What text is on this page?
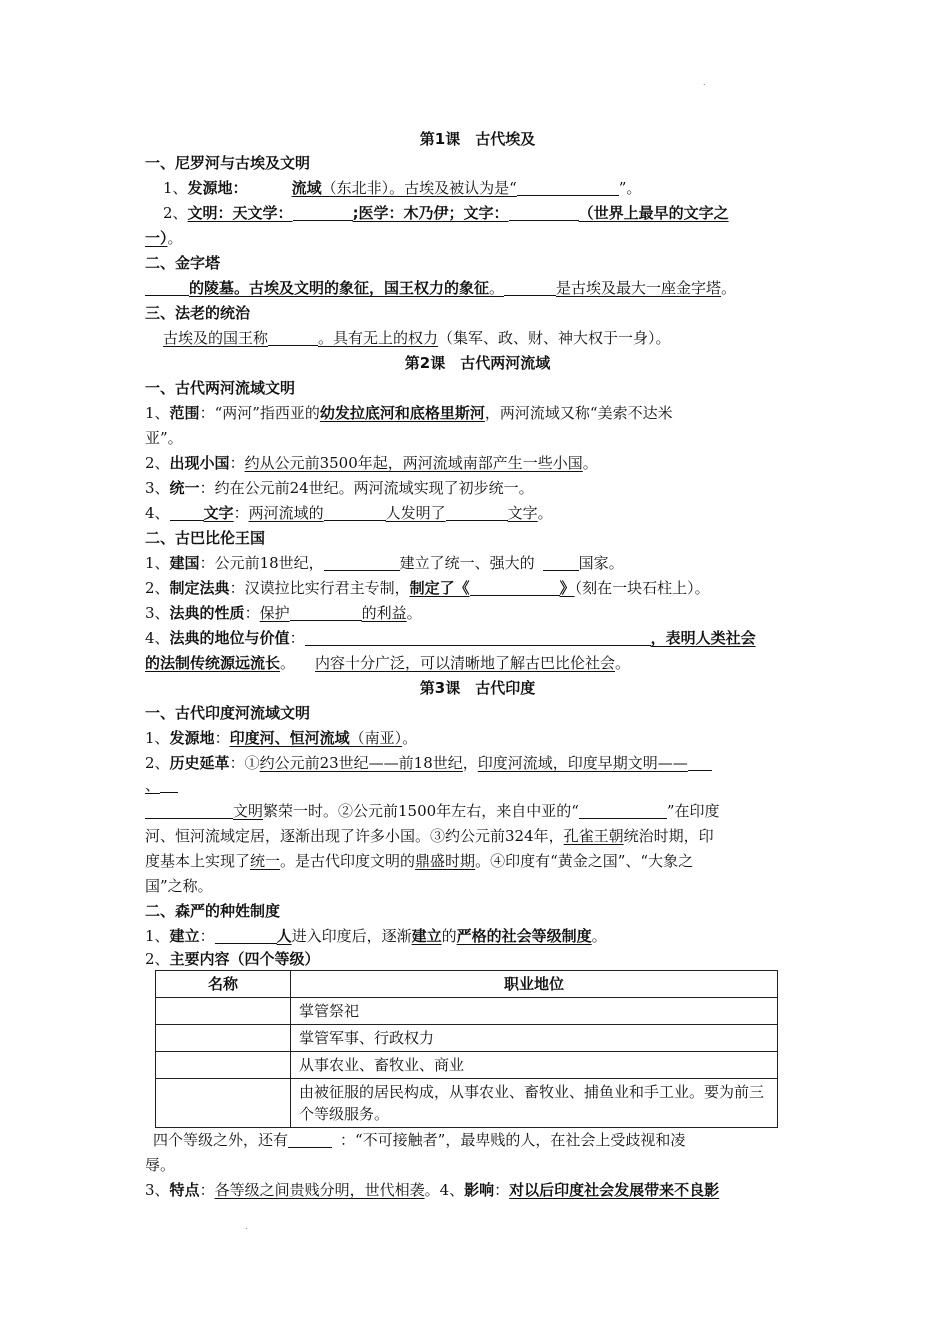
.
.
第1课　古代埃及
一、尼罗河与古埃及文明
1、发源地：	流域（东北非）。古埃及被认为是“	”。
2、文明：天文学：	;医学：木乃伊；文字：	（世界上最早的文字之
一）。
二、金字塔
的陵墓。古埃及文明的象征，国王权力的象征。	是古埃及最大一座金字塔。
三、法老的统治
古埃及的国王称	。具有无上的权力（集军、政、财、神大权于一身）。
第2课　古代两河流域
一、古代两河流域文明
1、范围：“两河”指西亚的幼发拉底河和底格里斯河，两河流域又称“美索不达米
亚”。
2、出现小国：约从公元前3500年起，两河流域南部产生一些小国。
3、统一：约在公元前24世纪。两河流域实现了初步统一。
4、 文字：两河流域的	人发明了	文字。
二、古巴比伦王国
1、建国：公元前18世纪，	建立了统一、强大的	国家。
2、制定法典：汉谟拉比实行君主专制，制定了《	》（刻在一块石柱上）。
3、法典的性质：保护	的利益。
4、法典的地位与价值：	，表明人类社会
的法制传统源远流长。 内容十分广泛，可以清晰地了解古巴比伦社会。
第3课　古代印度
一、古代印度河流域文明
1、发源地：印度河、恒河流域（南亚）。
2、历史延革：①约公元前23世纪——前18世纪，印度河流域，印度早期文明——
、
文明繁荣一时。②公元前1500年左右，来自中亚的“	”在印度
河、恒河流域定居，逐渐出现了许多小国。③约公元前324年，孔雀王朝统治时期，印
度基本上实现了统一。是古代印度文明的鼎盛时期。④印度有“黄金之国”、“大象之
国”之称。
二、森严的种姓制度
1、建立：	人进入印度后，逐渐建立的严格的社会等级制度。
2、主要内容（四个等级）
名称	职业地位
	掌管祭祀
	掌管军事、行政权力
	从事农业、畜牧业、商业
	由被征服的居民构成，从事农业、畜牧业、捕鱼业和手工业。要为前三个等级服务。
四个等级之外，还有	：“不可接触者”，最卑贱的人，在社会上受歧视和凌
辱。
3、特点：各等级之间贵贱分明，世代相袭。4、影响：对以后印度社会发展带来不良影
